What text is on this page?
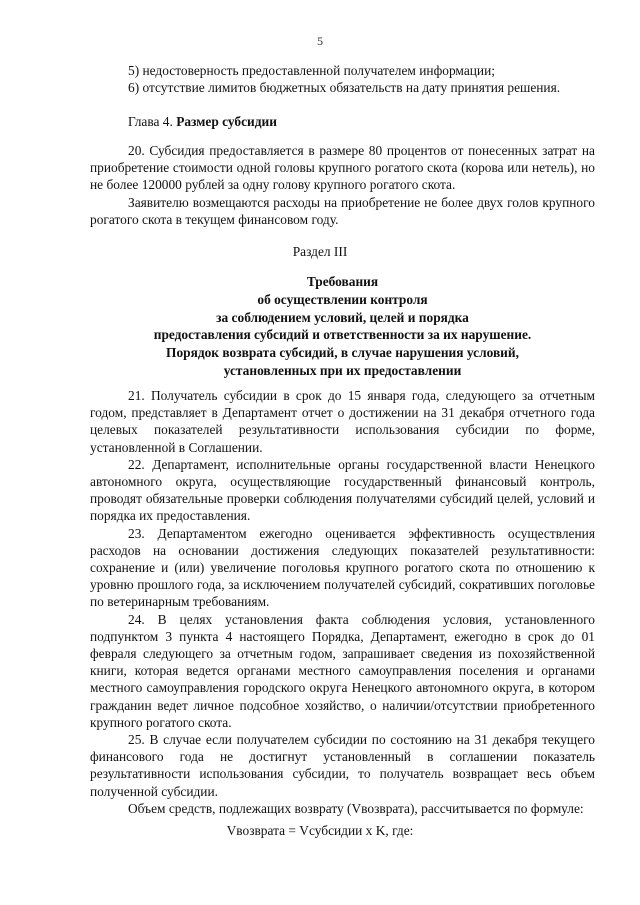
5

5) недостоверность предоставленной получателем информации;

6) отсутствие лимитов бюджетных обязательств на дату принятия решения.

Глава 4. Размер субсидии

20. Субсидия предоставляется в размере 80 процентов от понесенных затрат на приобретение стоимости одной головы крупного рогатого скота (корова или нетель), но не более 120000 рублей за одну голову крупного рогатого скота.

Заявителю возмещаются расходы на приобретение не более двух голов крупного рогатого скота в текущем финансовом году.

Раздел III
Требования
об осуществлении контроля
за соблюдением условий, целей и порядка
предоставления субсидий и ответственности за их нарушение.
Порядок возврата субсидий, в случае нарушения условий,
установленных при их предоставлении

21. Получатель субсидии в срок до 15 января года, следующего за отчетным годом, представляет в Департамент отчет о достижении на 31 декабря отчетного года целевых показателей результативности использования субсидии по форме, установленной в Соглашении.

22. Департамент, исполнительные органы государственной власти Ненецкого автономного округа, осуществляющие государственный финансовый контроль, проводят обязательные проверки соблюдения получателями субсидий целей, условий и порядка их предоставления.

23. Департаментом ежегодно оценивается эффективность осуществления расходов на основании достижения следующих показателей результативности: сохранение и (или) увеличение поголовья крупного рогатого скота по отношению к уровню прошлого года, за исключением получателей субсидий, сокративших поголовье по ветеринарным требованиям.

24. В целях установления факта соблюдения условия, установленного подпунктом 3 пункта 4 настоящего Порядка, Департамент, ежегодно в срок до 01 февраля следующего за отчетным годом, запрашивает сведения из похозяйственной книги, которая ведется органами местного самоуправления поселения и органами местного самоуправления городского округа Ненецкого автономного округа, в котором гражданин ведет личное подсобное хозяйство, о наличии/отсутствии приобретенного крупного рогатого скота.

25. В случае если получателем субсидии по состоянию на 31 декабря текущего финансового года не достигнут установленный в соглашении показатель результативности использования субсидии, то получатель возвращает весь объем полученной субсидии.

Объем средств, подлежащих возврату (Vвозврата), рассчитывается по формуле:

Vвозврата = Vсубсидии x K, где:
